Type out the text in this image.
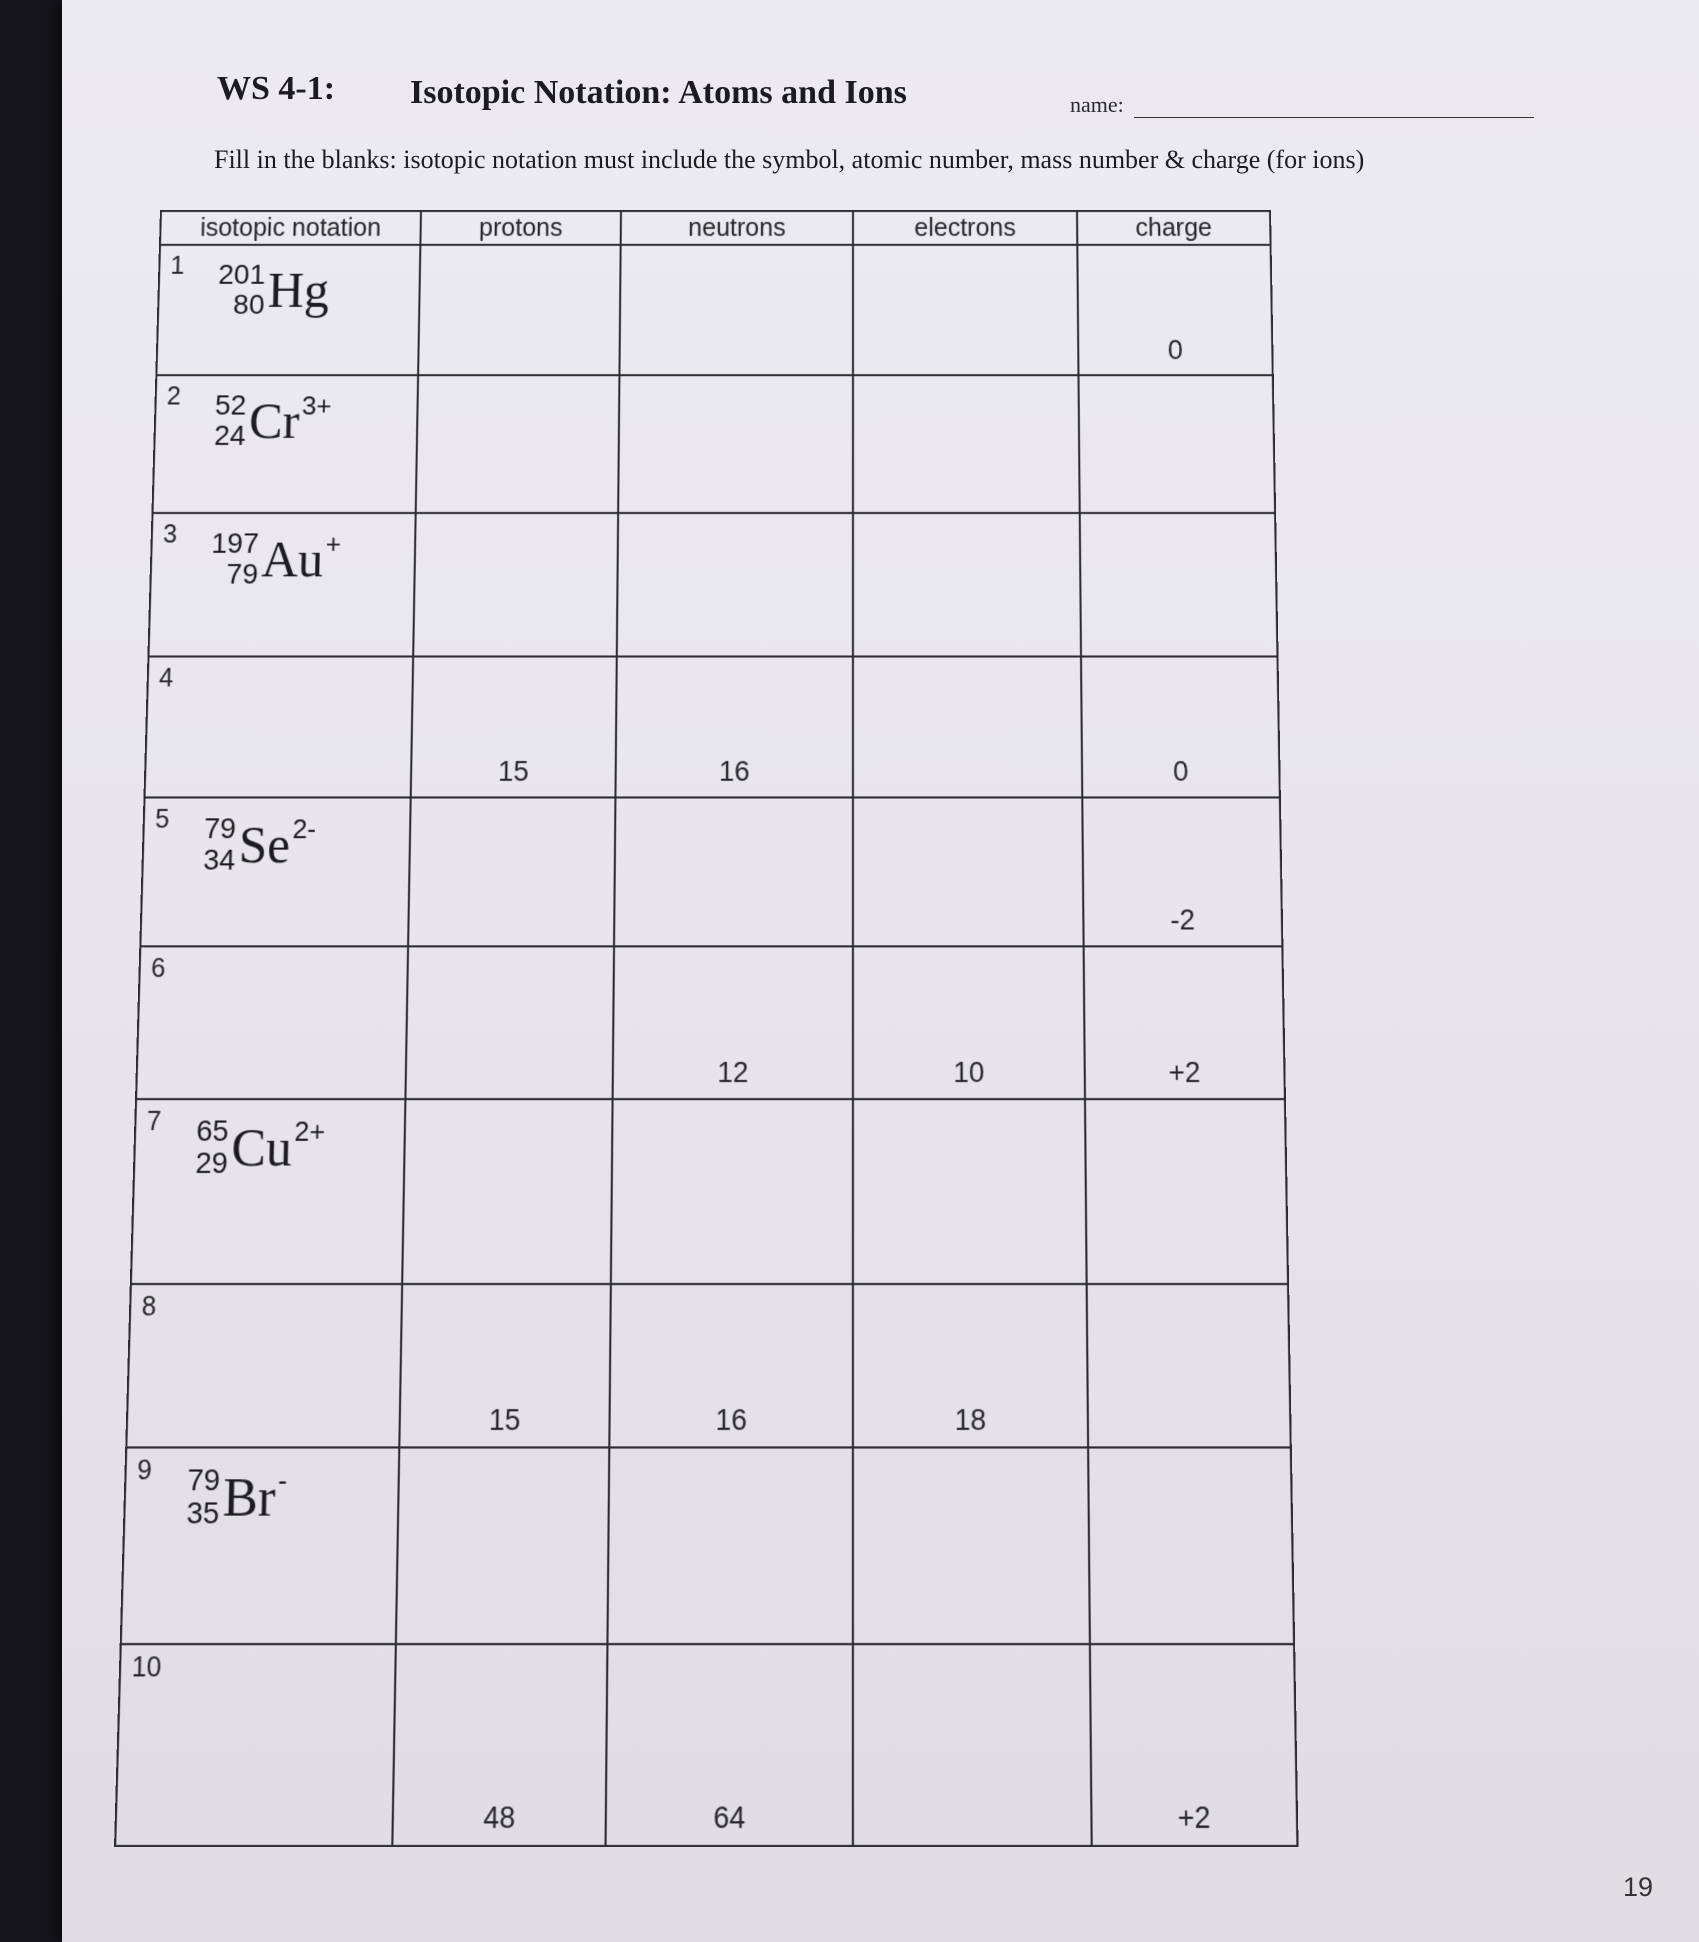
WS 4-1: Isotopic Notation: Atoms and Ions	name:
Fill in the blanks: isotopic notation must include the symbol, atomic number, mass number & charge (for ions)
isotopic notation	protons	neutrons	electrons	charge

1 201
80 Hg				0

2 52
24 Cr 3+				

3 197
79 Au +				

4	15	16		0

5 79
34 Se 2-				-2

6		12	10	+2

7 65
29 Cu 2+				

8	15	16	18	

9 79
35 Br -				

10	48	64		+2
19
